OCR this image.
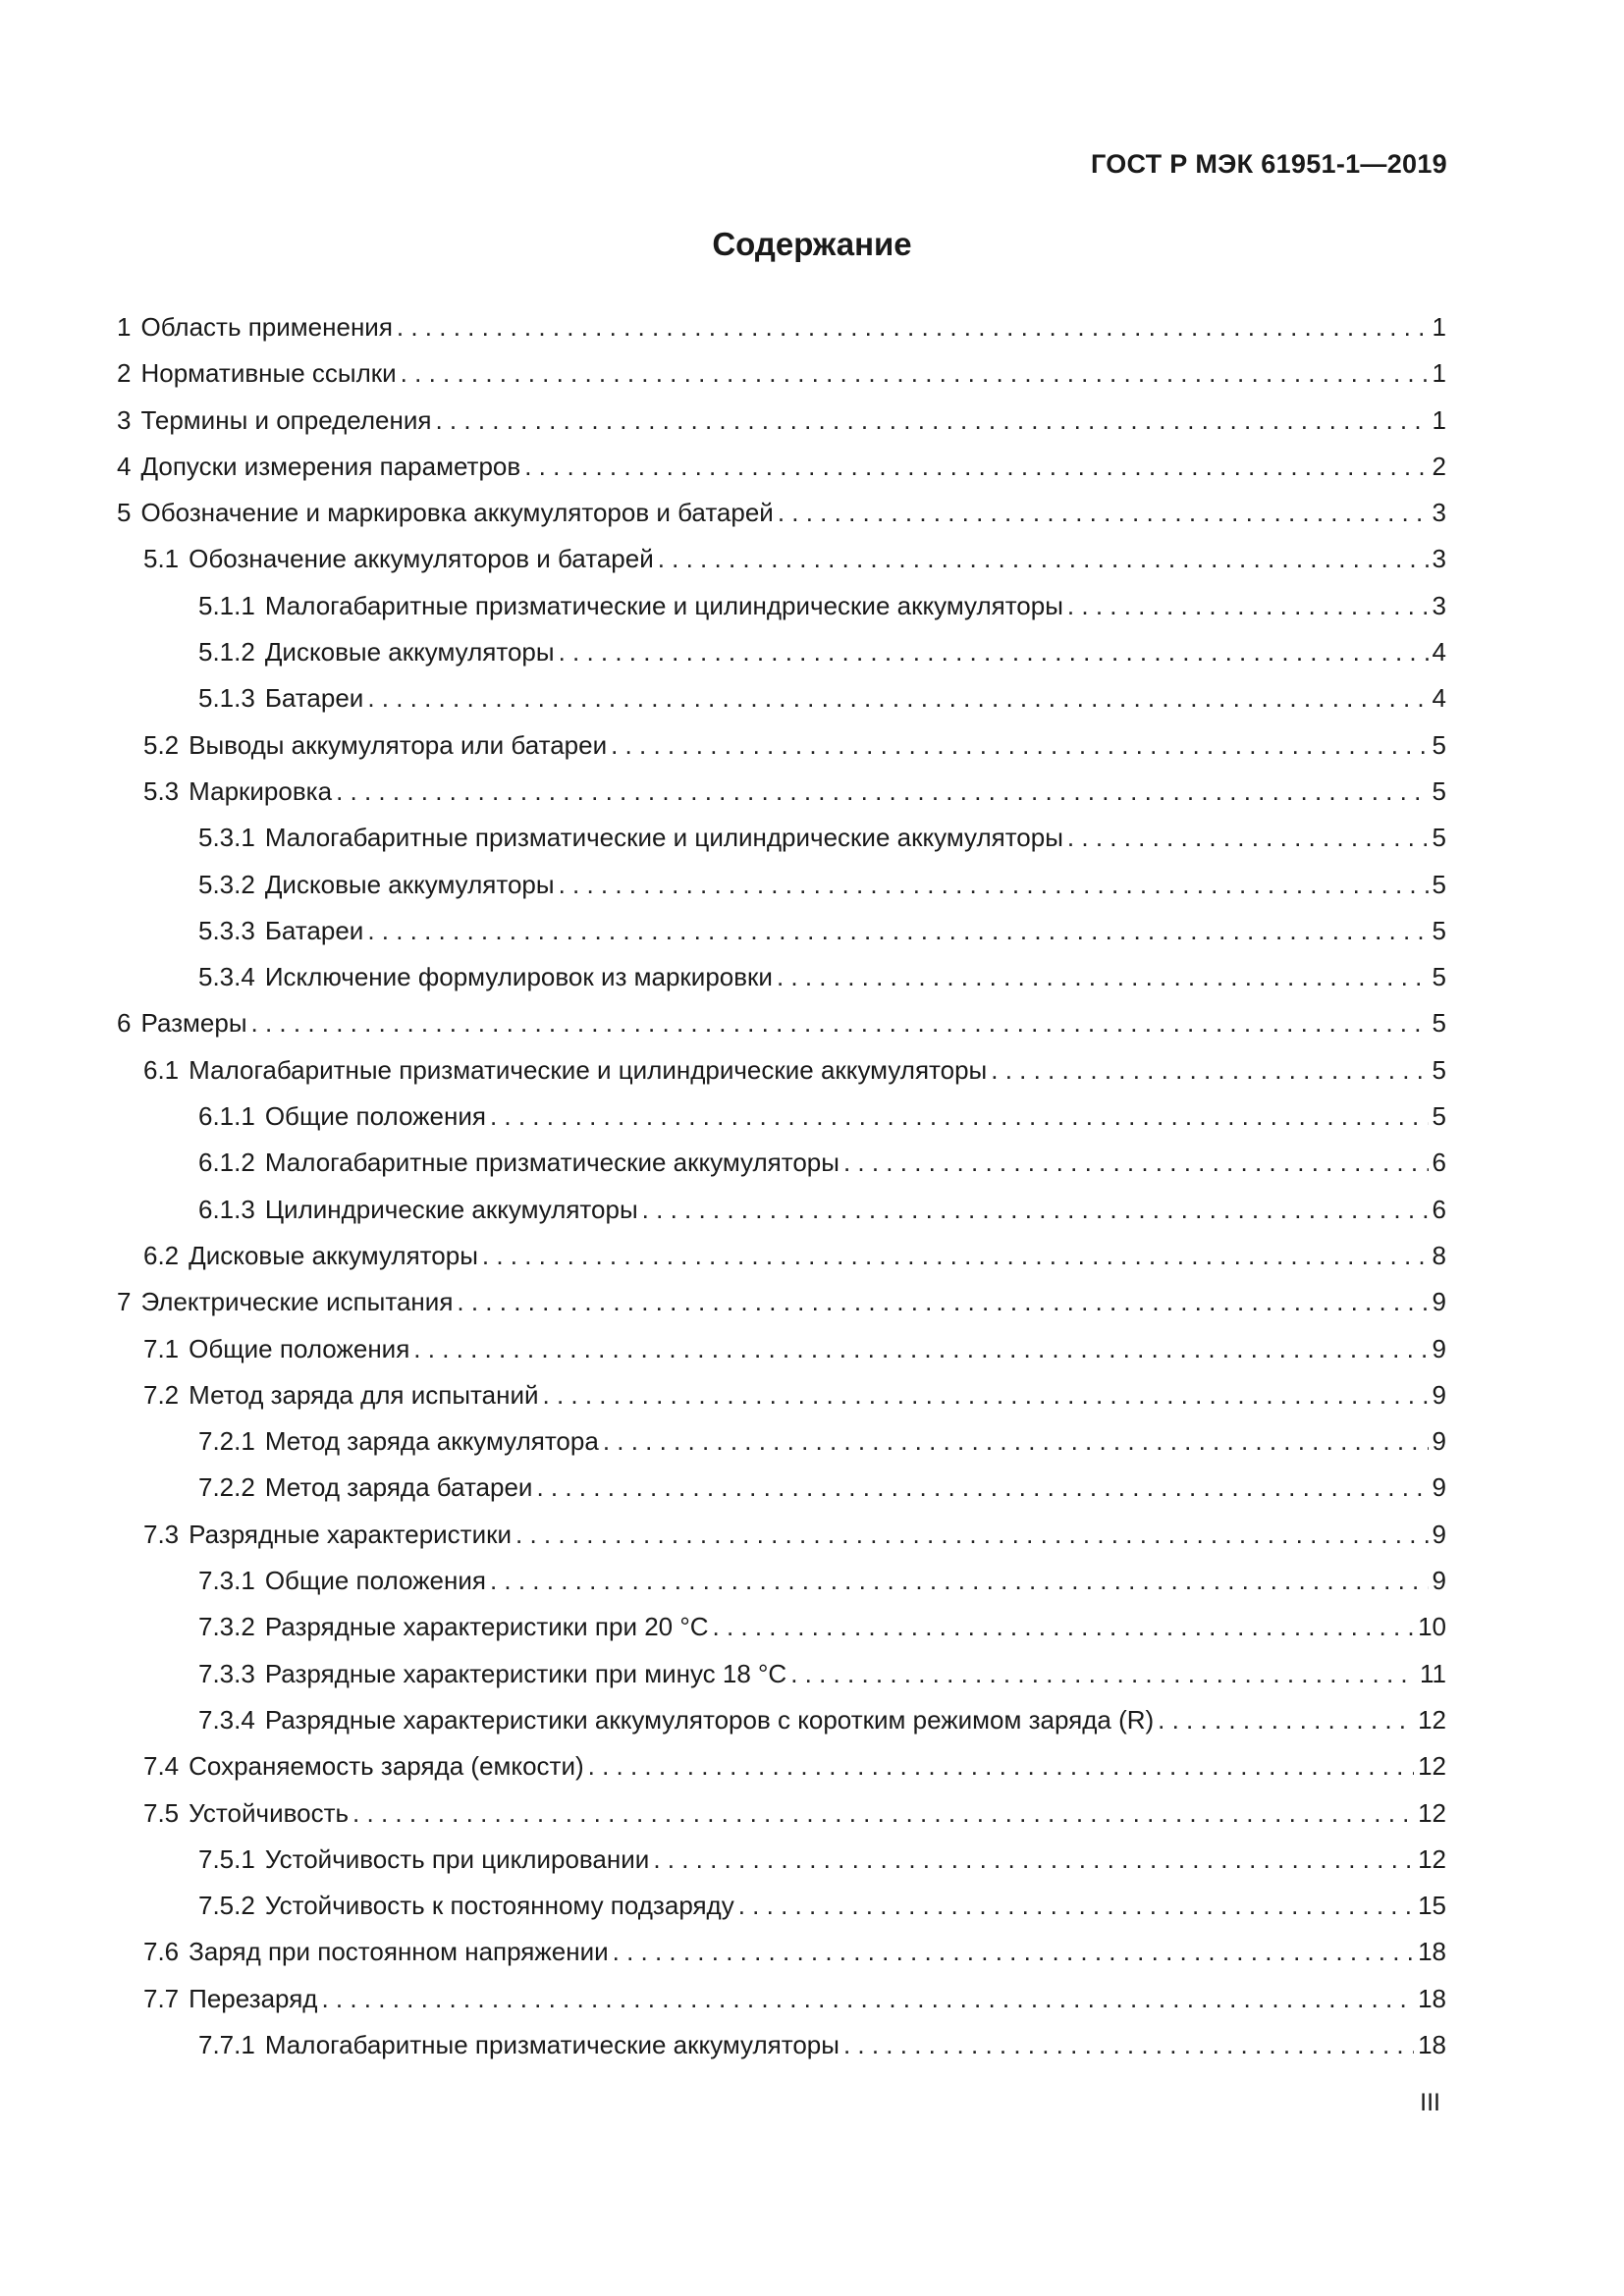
ГОСТ Р МЭК 61951-1—2019
Содержание
1 Область применения . . .	1
2 Нормативные ссылки . . .	1
3 Термины и определения . . .	1
4 Допуски измерения параметров . . .	2
5 Обозначение и маркировка аккумуляторов и батарей . . .	3
5.1 Обозначение аккумуляторов и батарей . . .	3
5.1.1 Малогабаритные призматические и цилиндрические аккумуляторы . . .	3
5.1.2 Дисковые аккумуляторы . . .	4
5.1.3 Батареи . . .	4
5.2 Выводы аккумулятора или батареи . . .	5
5.3 Маркировка . . .	5
5.3.1 Малогабаритные призматические и цилиндрические аккумуляторы . . .	5
5.3.2 Дисковые аккумуляторы . . .	5
5.3.3 Батареи . . .	5
5.3.4 Исключение формулировок из маркировки . . .	5
6 Размеры . . .	5
6.1 Малогабаритные призматические и цилиндрические аккумуляторы . . .	5
6.1.1 Общие положения . . .	5
6.1.2 Малогабаритные призматические аккумуляторы . . .	6
6.1.3 Цилиндрические аккумуляторы . . .	6
6.2 Дисковые аккумуляторы . . .	8
7 Электрические испытания . . .	9
7.1 Общие положения . . .	9
7.2 Метод заряда для испытаний . . .	9
7.2.1 Метод заряда аккумулятора . . .	9
7.2.2 Метод заряда батареи . . .	9
7.3 Разрядные характеристики . . .	9
7.3.1 Общие положения . . .	9
7.3.2 Разрядные характеристики при 20 °С . . .	10
7.3.3 Разрядные характеристики при минус 18 °С . . .	11
7.3.4 Разрядные характеристики аккумуляторов с коротким режимом заряда (R) . . .	12
7.4 Сохраняемость заряда (емкости) . . .	12
7.5 Устойчивость . . .	12
7.5.1 Устойчивость при циклировании . . .	12
7.5.2 Устойчивость к постоянному подзаряду . . .	15
7.6 Заряд при постоянном напряжении . . .	18
7.7 Перезаряд . . .	18
7.7.1 Малогабаритные призматические аккумуляторы . . .	18
III
